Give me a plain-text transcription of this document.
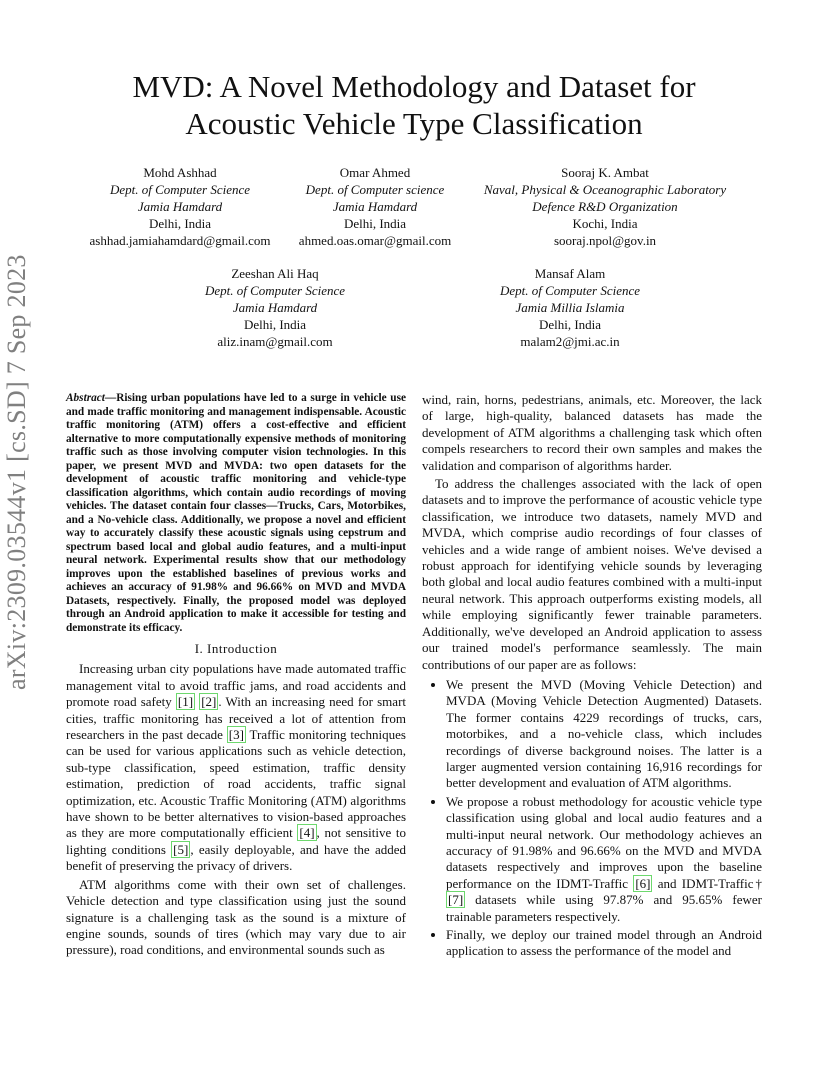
arXiv:2309.03544v1 [cs.SD] 7 Sep 2023
MVD: A Novel Methodology and Dataset for
Acoustic Vehicle Type Classification
Mohd Ashhad
Dept. of Computer Science
Jamia Hamdard
Delhi, India
ashhad.jamiahamdard@gmail.com
Omar Ahmed
Dept. of Computer science
Jamia Hamdard
Delhi, India
ahmed.oas.omar@gmail.com
Sooraj K. Ambat
Naval, Physical & Oceanographic Laboratory
Defence R&D Organization
Kochi, India
sooraj.npol@gov.in
Zeeshan Ali Haq
Dept. of Computer Science
Jamia Hamdard
Delhi, India
aliz.inam@gmail.com
Mansaf Alam
Dept. of Computer Science
Jamia Millia Islamia
Delhi, India
malam2@jmi.ac.in
Abstract—Rising urban populations have led to a surge in vehicle use and made traffic monitoring and management indispensable. Acoustic traffic monitoring (ATM) offers a cost-effective and efficient alternative to more computationally expensive methods of monitoring traffic such as those involving computer vision technologies. In this paper, we present MVD and MVDA: two open datasets for the development of acoustic traffic monitoring and vehicle-type classification algorithms, which contain audio recordings of moving vehicles. The dataset contain four classes—Trucks, Cars, Motorbikes, and a No-vehicle class. Additionally, we propose a novel and efficient way to accurately classify these acoustic signals using cepstrum and spectrum based local and global audio features, and a multi-input neural network. Experimental results show that our methodology improves upon the established baselines of previous works and achieves an accuracy of 91.98% and 96.66% on MVD and MVDA Datasets, respectively. Finally, the proposed model was deployed through an Android application to make it accessible for testing and demonstrate its efficacy.
I. Introduction

Increasing urban city populations have made automated traffic management vital to avoid traffic jams, and road accidents and promote road safety [1] [2] . With an increasing need for smart cities, traffic monitoring has received a lot of attention from researchers in the past decade [3] Traffic monitoring techniques can be used for various applications such as vehicle detection, sub-type classification, speed estimation, traffic density estimation, prediction of road accidents, traffic signal optimization, etc. Acoustic Traffic Monitoring (ATM) algorithms have shown to be better alternatives to vision-based approaches as they are more computationally efficient [4] , not sensitive to lighting conditions [5] , easily deployable, and have the added benefit of preserving the privacy of drivers.

ATM algorithms come with their own set of challenges. Vehicle detection and type classification using just the sound signature is a challenging task as the sound is a mixture of engine sounds, sounds of tires (which may vary due to air pressure), road conditions, and environmental sounds such as

wind, rain, horns, pedestrians, animals, etc. Moreover, the lack of large, high-quality, balanced datasets has made the development of ATM algorithms a challenging task which often compels researchers to record their own samples and makes the validation and comparison of algorithms harder.

To address the challenges associated with the lack of open datasets and to improve the performance of acoustic vehicle type classification, we introduce two datasets, namely MVD and MVDA, which comprise audio recordings of four classes of vehicles and a wide range of ambient noises. We've devised a robust approach for identifying vehicle sounds by leveraging both global and local audio features combined with a multi-input neural network. This approach outperforms existing models, all while employing significantly fewer trainable parameters. Additionally, we've developed an Android application to assess our trained model's performance seamlessly. The main contributions of our paper are as follows:

• We present the MVD (Moving Vehicle Detection) and MVDA (Moving Vehicle Detection Augmented) Datasets. The former contains 4229 recordings of trucks, cars, motorbikes, and a no-vehicle class, which includes recordings of diverse background noises. The latter is a larger augmented version containing 16,916 recordings for better development and evaluation of ATM algorithms.
• We propose a robust methodology for acoustic vehicle type classification using global and local audio features and a multi-input neural network. Our methodology achieves an accuracy of 91.98% and 96.66% on the MVD and MVDA datasets respectively and improves upon the baseline performance on the IDMT-Traffic [6] and IDMT-Traffic† [7] datasets while using 97.87% and 95.65% fewer trainable parameters respectively.
• Finally, we deploy our trained model through an Android application to assess the performance of the model and
